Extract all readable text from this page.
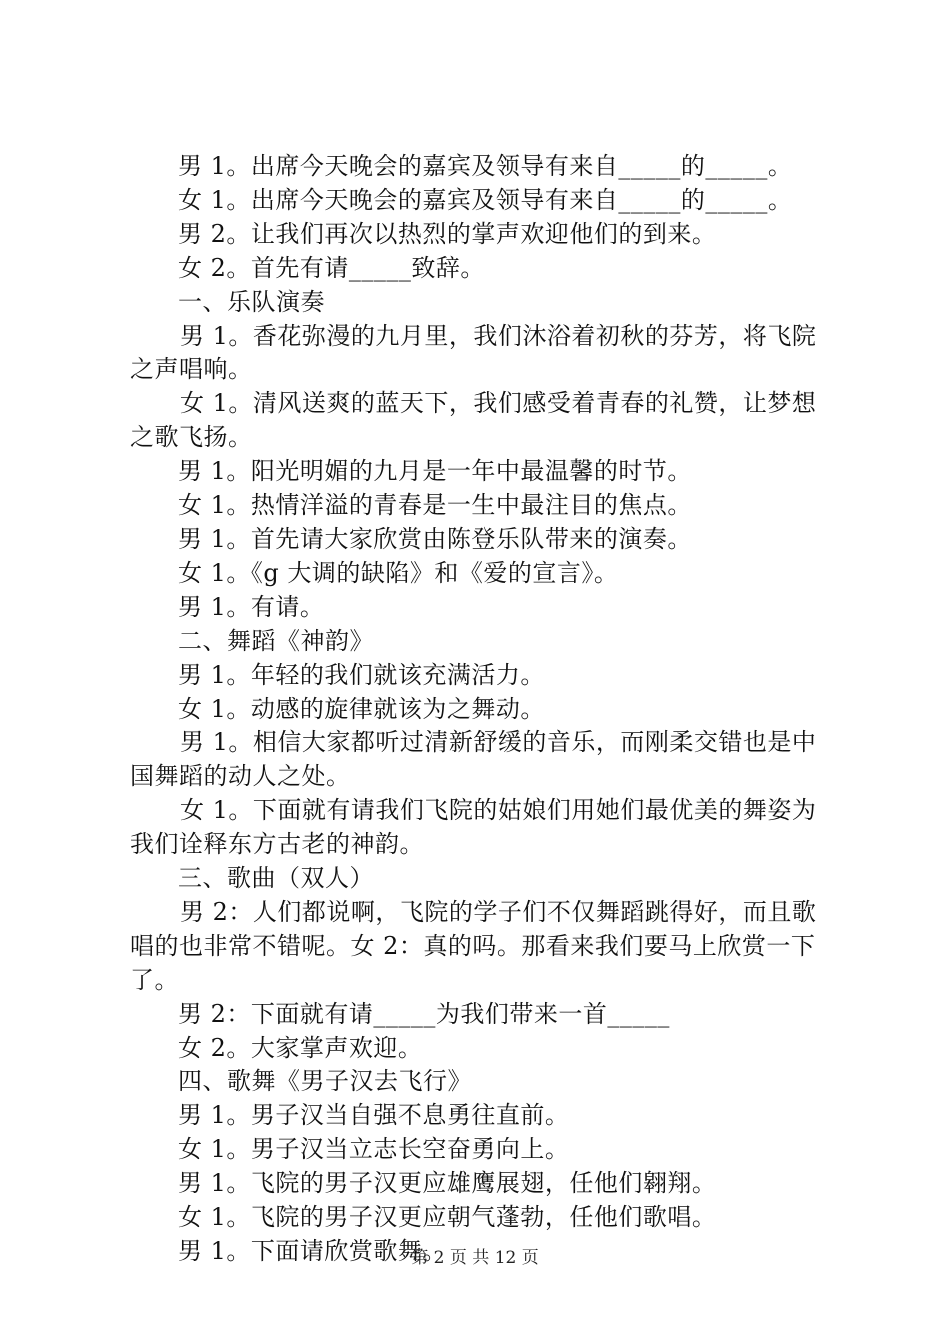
男 1。出席今天晚会的嘉宾及领导有来自_____的_____。

女 1。出席今天晚会的嘉宾及领导有来自_____的_____。

男 2。让我们再次以热烈的掌声欢迎他们的到来。

女 2。首先有请_____致辞。

一、乐队演奏

男 1。香花弥漫的九月里，我们沐浴着初秋的芬芳，将飞院之声唱响。

女 1。清风送爽的蓝天下，我们感受着青春的礼赞，让梦想之歌飞扬。

男 1。阳光明媚的九月是一年中最温馨的时节。

女 1。热情洋溢的青春是一生中最注目的焦点。

男 1。首先请大家欣赏由陈登乐队带来的演奏。

女 1。《g 大调的缺陷》和《爱的宣言》。

男 1。有请。

二、舞蹈《神韵》

男 1。年轻的我们就该充满活力。

女 1。动感的旋律就该为之舞动。

男 1。相信大家都听过清新舒缓的音乐，而刚柔交错也是中国舞蹈的动人之处。

女 1。下面就有请我们飞院的姑娘们用她们最优美的舞姿为我们诠释东方古老的神韵。

三、歌曲（双人）

男 2：人们都说啊，飞院的学子们不仅舞蹈跳得好，而且歌唱的也非常不错呢。女 2：真的吗。那看来我们要马上欣赏一下了。

男 2：下面就有请_____为我们带来一首_____

女 2。大家掌声欢迎。

四、歌舞《男子汉去飞行》

男 1。男子汉当自强不息勇往直前。

女 1。男子汉当立志长空奋勇向上。

男 1。飞院的男子汉更应雄鹰展翅，任他们翱翔。

女 1。飞院的男子汉更应朝气蓬勃，任他们歌唱。

男 1。下面请欣赏歌舞。

第 2 页 共 12 页
